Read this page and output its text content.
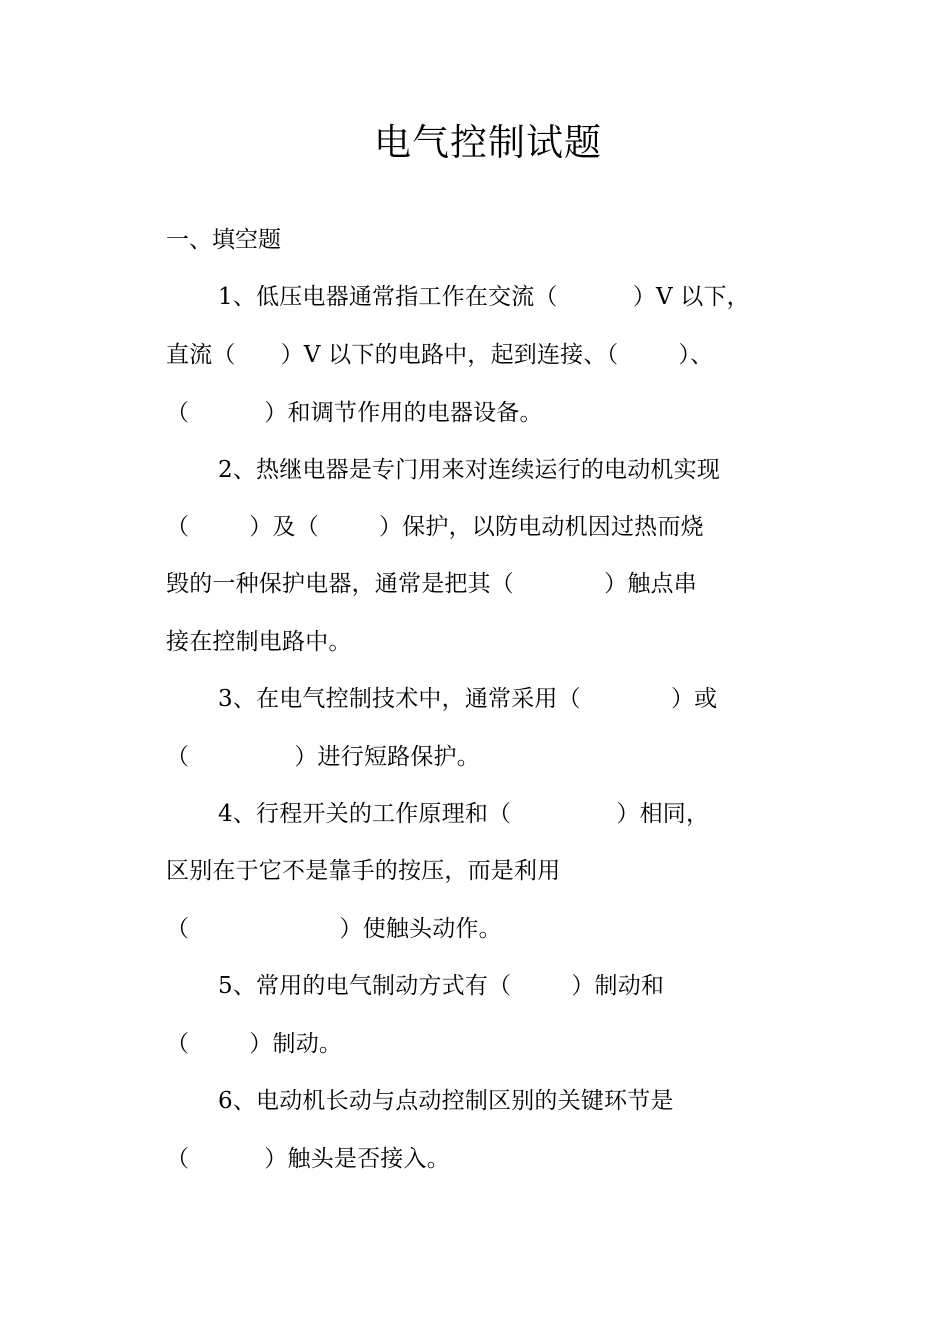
电气控制试题
一、填空题
1、低压电器通常指工作在交流（          ）V 以下，
直流（      ）V 以下的电路中，起到连接、（        ）、
（          ）和调节作用的电器设备。
2、热继电器是专门用来对连续运行的电动机实现
（        ）及（        ）保护，以防电动机因过热而烧
毁的一种保护电器，通常是把其（            ）触点串
接在控制电路中。
3、在电气控制技术中，通常采用（            ）或
（              ）进行短路保护。
4、行程开关的工作原理和（              ）相同，
区别在于它不是靠手的按压，而是利用
（                    ）使触头动作。
5、常用的电气制动方式有（        ）制动和
（        ）制动。
6、电动机长动与点动控制区别的关键环节是
（          ）触头是否接入。
